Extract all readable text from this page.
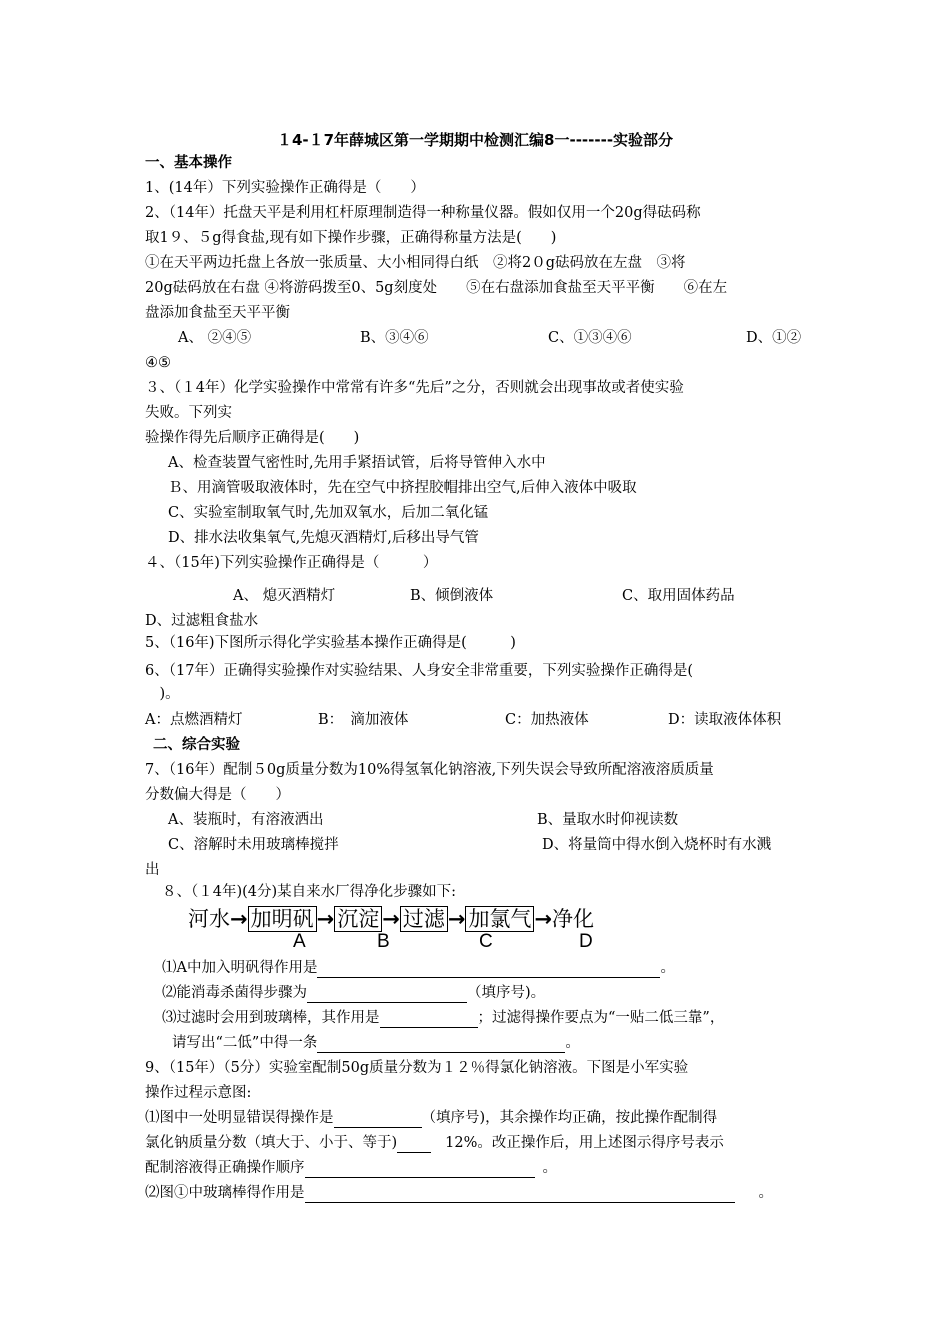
１4-１7年薛城区第一学期期中检测汇编8一-------实验部分
一、基本操作
1、(14年）下列实验操作正确得是（　　）
2、（14年）托盘天平是利用杠杆原理制造得一种称量仪器。假如仅用一个20g得砝码称
取1９、５g得食盐,现有如下操作步骤，正确得称量方法是(　　)
①在天平两边托盘上各放一张质量、大小相同得白纸　②将2０g砝码放在左盘　③将
20g砝码放在右盘 ④将游码拨至0、5g刻度处　　⑤在右盘添加食盐至天平平衡　　⑥在左
盘添加食盐至天平平衡
A、 ②④⑤	B、③④⑥	C、①③④⑥	D、①②
④⑤
３、（１4年）化学实验操作中常常有许多“先后”之分，否则就会出现事故或者使实验
失败。下列实
验操作得先后顺序正确得是(　　)
A、检查装置气密性时,先用手紧捂试管，后将导管伸入水中
Ｂ、用滴管吸取液体时，先在空气中挤捏胶帽排出空气,后伸入液体中吸取
C、实验室制取氧气时,先加双氧水，后加二氧化锰
D、排水法收集氧气,先熄灭酒精灯,后移出导气管
４、（15年)下列实验操作正确得是（　　　）
A、 熄灭酒精灯	B、倾倒液体	C、取用固体药品
D、过滤粗食盐水
5、（16年)下图所示得化学实验基本操作正确得是(　　　)
6、（17年）正确得实验操作对实验结果、人身安全非常重要，下列实验操作正确得是(
　)。
A：点燃酒精灯	B：　滴加液体	C：加热液体	D：读取液体体积
二、综合实验
7、（16年）配制５0g质量分数为10%得氢氧化钠溶液,下列失误会导致所配溶液溶质质量
分数偏大得是（　　）
A、装瓶时，有溶液洒出	B、量取水时仰视读数
C、溶解时未用玻璃棒搅拌	D、将量筒中得水倒入烧杯时有水溅
出
８、（１4年)(4分)某自来水厂得净化步骤如下:
河水→ 加明矾 → 沉淀 → 过滤 → 加氯气 →净化
A	B	C	D
⑴A中加入明矾得作用是	。
⑵能消毒杀菌得步骤为	（填序号)。
⑶过滤时会用到玻璃棒，其作用是	；过滤得操作要点为“一贴二低三靠”，
请写出“二低”中得一条	。
9、（15年）（5分）实验室配制50g质量分数为１２％得氯化钠溶液。下图是小军实验
操作过程示意图:
⑴图中一处明显错误得操作是	（填序号)，其余操作均正确，按此操作配制得
氯化钠质量分数（填大于、小于、等于)	12%。改正操作后，用上述图示得序号表示
配制溶液得正确操作顺序	。
⑵图①中玻璃棒得作用是	。
